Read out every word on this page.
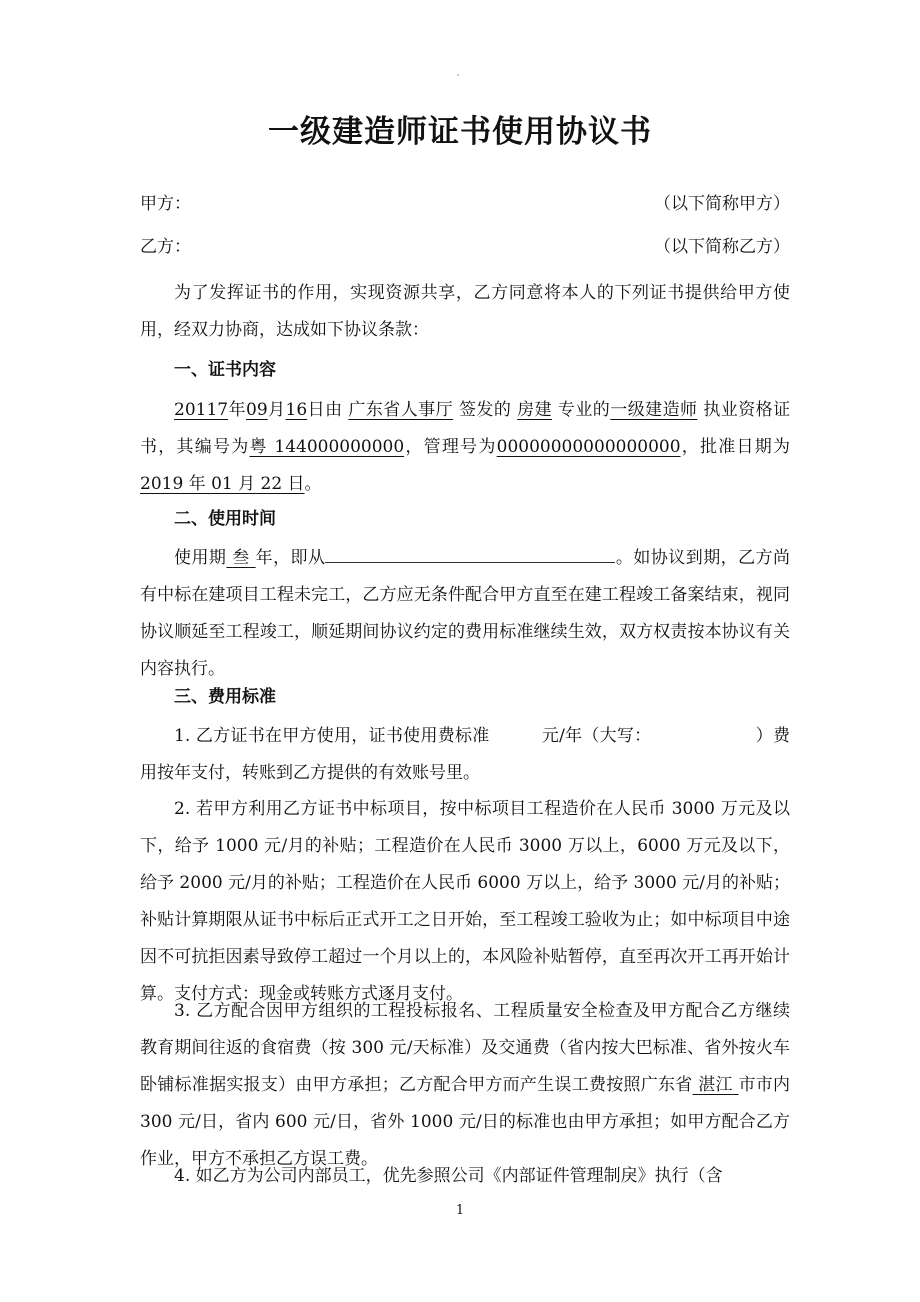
一级建造师证书使用协议书
甲方：	（以下简称甲方）
乙方：	（以下简称乙方）
为了发挥证书的作用，实现资源共享，乙方同意将本人的下列证书提供给甲方使用，经双力协商，达成如下协议条款：
一、证书内容
20117年09月16日由 广东省人事厅 签发的 房建 专业的一级建造师 执业资格证书，其编号为粤 144000000000，管理号为00000000000000000，批准日期为2019 年 01 月 22 日。
二、使用时间
使用期 叁 年，即从	。如协议到期，乙方尚有中标在建项目工程未完工，乙方应无条件配合甲方直至在建工程竣工备案结束，视同协议顺延至工程竣工，顺延期间协议约定的费用标准继续生效，双方权责按本协议有关内容执行。
三、费用标准
1. 乙方证书在甲方使用，证书使用费标准	元/年（大写：	）费用按年支付，转账到乙方提供的有效账号里。
2. 若甲方利用乙方证书中标项目，按中标项目工程造价在人民币 3000 万元及以下，给予 1000 元/月的补贴；工程造价在人民币 3000 万以上，6000 万元及以下，给予 2000 元/月的补贴；工程造价在人民币 6000 万以上，给予 3000 元/月的补贴；补贴计算期限从证书中标后正式开工之日开始，至工程竣工验收为止；如中标项目中途因不可抗拒因素导致停工超过一个月以上的，本风险补贴暂停，直至再次开工再开始计算。支付方式：现金或转账方式逐月支付。
3. 乙方配合因甲方组织的工程投标报名、工程质量安全检查及甲方配合乙方继续教育期间往返的食宿费（按 300 元/天标准）及交通费（省内按大巴标准、省外按火车卧铺标准据实报支）由甲方承担；乙方配合甲方而产生误工费按照广东省 湛江 市市内 300 元/日，省内 600 元/日，省外 1000 元/日的标准也由甲方承担；如甲方配合乙方作业，甲方不承担乙方误工费。
4. 如乙方为公司内部员工，优先参照公司《内部证件管理制戾》执行（含
1
